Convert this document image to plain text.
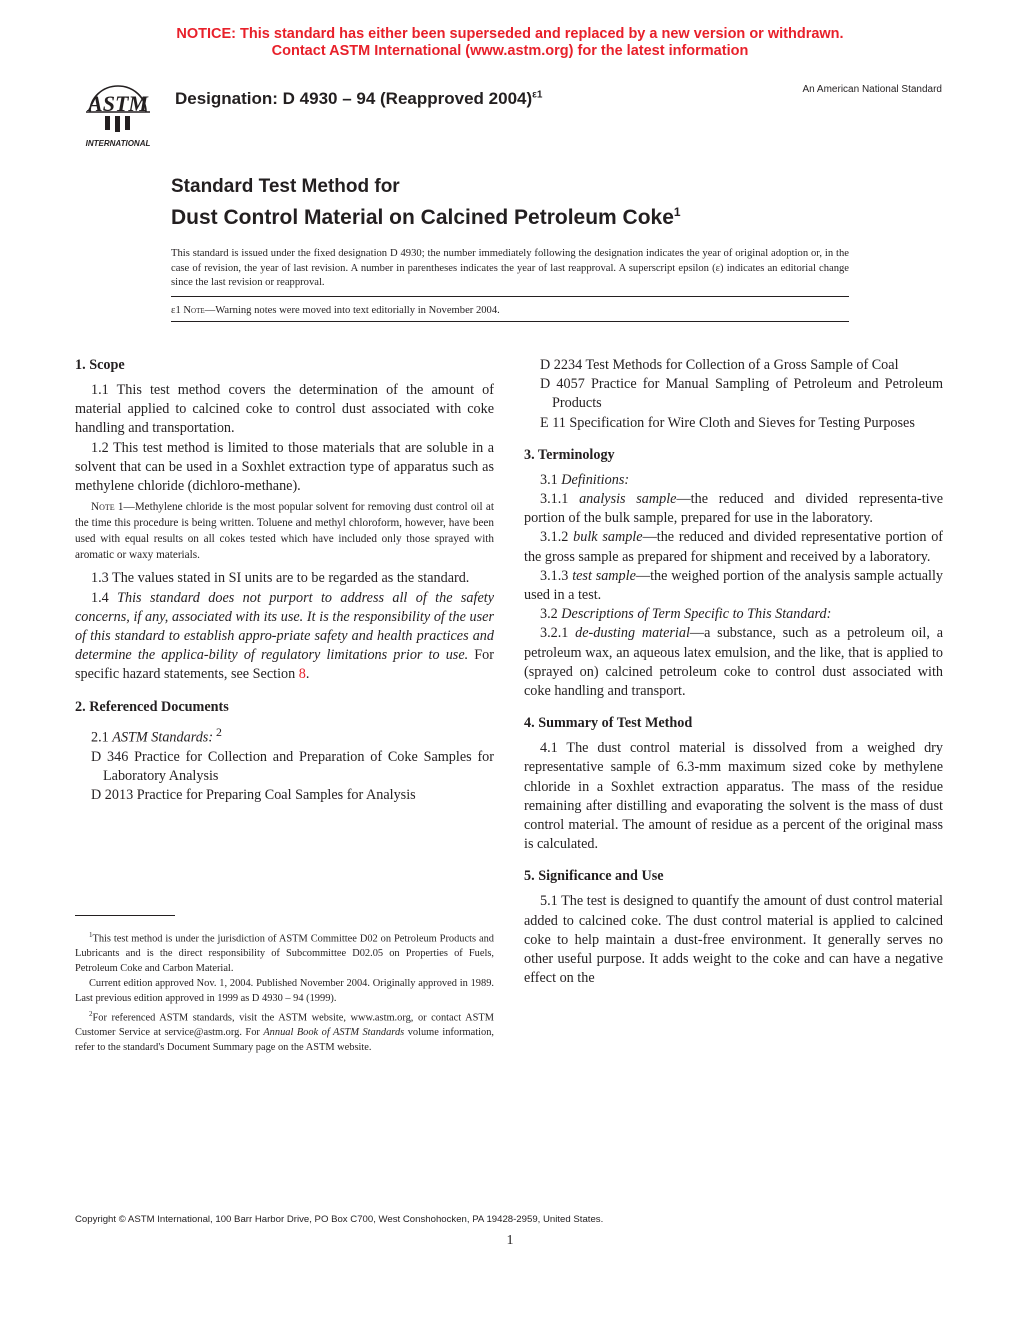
NOTICE: This standard has either been superseded and replaced by a new version or withdrawn.
Contact ASTM International (www.astm.org) for the latest information
ASTM
INTERNATIONAL
Designation: D 4930 – 94 (Reapproved 2004)$^{\varepsilon 1}$	An American National Standard
Standard Test Method for
Dust Control Material on Calcined Petroleum Coke$^1$

This standard is issued under the fixed designation D 4930; the number immediately following the designation indicates the year of original adoption or, in the case of revision, the year of last revision. A number in parentheses indicates the year of last reapproval. A superscript epsilon (ε) indicates an editorial change since the last revision or reapproval.

ε1 Note—Warning notes were moved into text editorially in November 2004.
1. Scope

1.1 This test method covers the determination of the amount of material applied to calcined coke to control dust associated with coke handling and transportation.

1.2 This test method is limited to those materials that are soluble in a solvent that can be used in a Soxhlet extraction type of apparatus such as methylene chloride (dichloro-methane).

Note 1—Methylene chloride is the most popular solvent for removing dust control oil at the time this procedure is being written. Toluene and methyl chloroform, however, have been used with equal results on all cokes tested which have included only those sprayed with aromatic or waxy materials.

1.3 The values stated in SI units are to be regarded as the standard.

1.4 This standard does not purport to address all of the safety concerns, if any, associated with its use. It is the responsibility of the user of this standard to establish appro-priate safety and health practices and determine the applica-bility of regulatory limitations prior to use. For specific hazard statements, see Section 8.

2. Referenced Documents

2.1 ASTM Standards: $^2$

D 346 Practice for Collection and Preparation of Coke Samples for Laboratory Analysis

D 2013 Practice for Preparing Coal Samples for Analysis

D 2234 Test Methods for Collection of a Gross Sample of Coal

D 4057 Practice for Manual Sampling of Petroleum and Petroleum Products

E 11 Specification for Wire Cloth and Sieves for Testing Purposes

3. Terminology

3.1 Definitions:

3.1.1 analysis sample—the reduced and divided representa-tive portion of the bulk sample, prepared for use in the laboratory.

3.1.2 bulk sample—the reduced and divided representative portion of the gross sample as prepared for shipment and received by a laboratory.

3.1.3 test sample—the weighed portion of the analysis sample actually used in a test.

3.2 Descriptions of Term Specific to This Standard:

3.2.1 de-dusting material—a substance, such as a petroleum oil, a petroleum wax, an aqueous latex emulsion, and the like, that is applied to (sprayed on) calcined petroleum coke to control dust associated with coke handling and transport.

4. Summary of Test Method

4.1 The dust control material is dissolved from a weighed dry representative sample of 6.3-mm maximum sized coke by methylene chloride in a Soxhlet extraction apparatus. The mass of the residue remaining after distilling and evaporating the solvent is the mass of dust control material. The amount of residue as a percent of the original mass is calculated.

5. Significance and Use

5.1 The test is designed to quantify the amount of dust control material added to calcined coke. The dust control material is applied to calcined coke to help maintain a dust-free environment. It generally serves no other useful purpose. It adds weight to the coke and can have a negative effect on the

$^1$This test method is under the jurisdiction of ASTM Committee D02 on Petroleum Products and Lubricants and is the direct responsibility of Subcommittee D02.05 on Properties of Fuels, Petroleum Coke and Carbon Material.

Current edition approved Nov. 1, 2004. Published November 2004. Originally approved in 1989. Last previous edition approved in 1999 as D 4930 – 94 (1999).

$^2$For referenced ASTM standards, visit the ASTM website, www.astm.org, or contact ASTM Customer Service at service@astm.org. For Annual Book of ASTM Standards volume information, refer to the standard's Document Summary page on the ASTM website.

Copyright © ASTM International, 100 Barr Harbor Drive, PO Box C700, West Conshohocken, PA 19428-2959, United States.
1
